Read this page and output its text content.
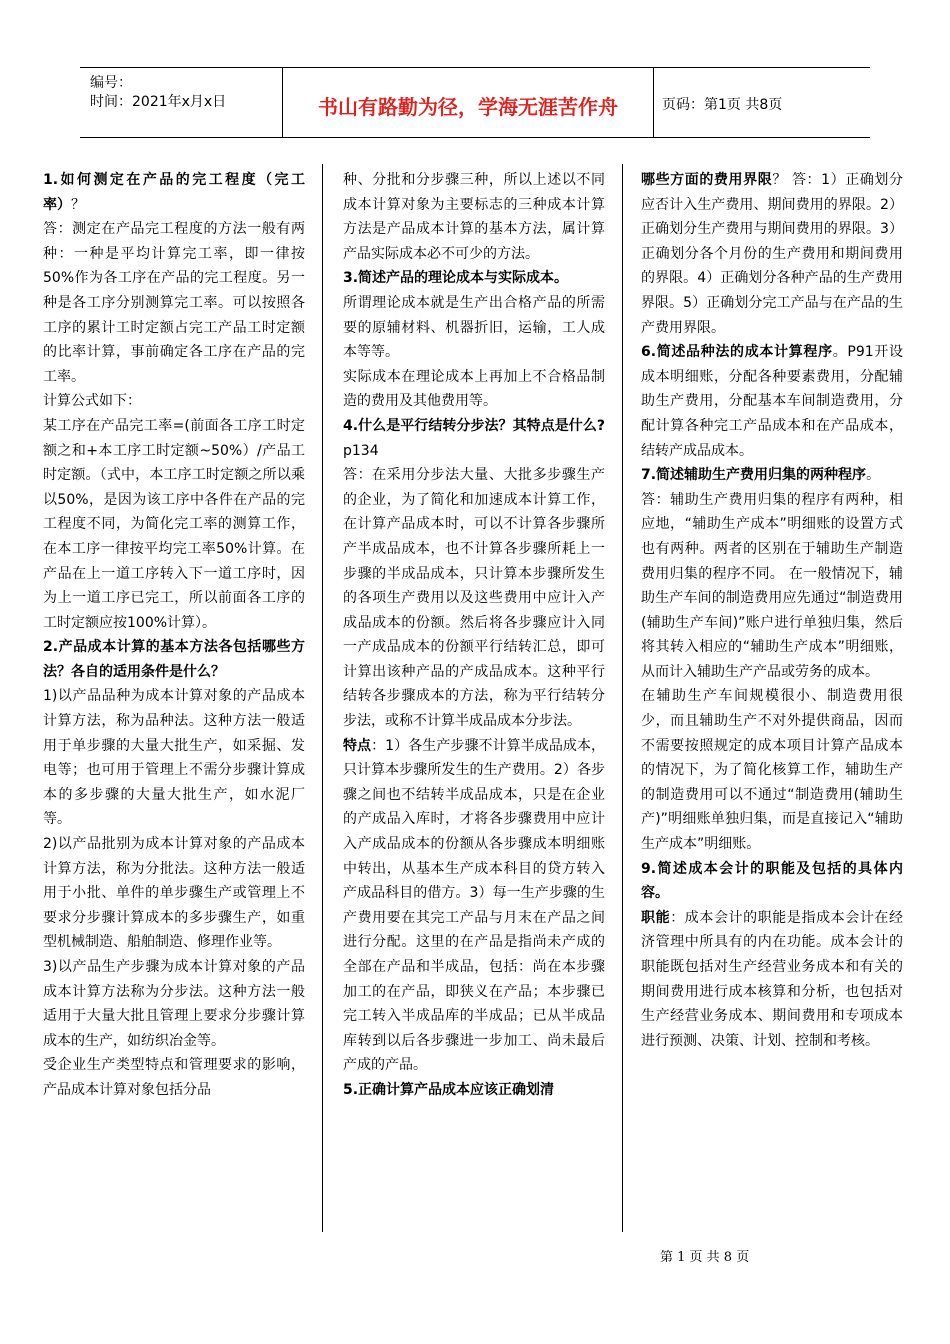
编号：
时间：2021年x月x日	书山有路勤为径，学海无涯苦作舟	页码：第1页 共8页

1.如何测定在产品的完工程度（完工率）？

答：测定在产品完工程度的方法一般有两种：一种是平均计算完工率，即一律按50%作为各工序在产品的完工程度。另一种是各工序分别测算完工率。可以按照各工序的累计工时定额占完工产品工时定额的比率计算，事前确定各工序在产品的完工率。

计算公式如下：

某工序在产品完工率=(前面各工序工时定额之和+本工序工时定额~50%）/产品工时定额。（式中，本工序工时定额之所以乘以50%，是因为该工序中各件在产品的完工程度不同，为简化完工率的测算工作，在本工序一律按平均完工率50%计算。在产品在上一道工序转入下一道工序时，因为上一道工序已完工，所以前面各工序的工时定额应按100%计算）。

2.产品成本计算的基本方法各包括哪些方法？各自的适用条件是什么？

1)以产品品种为成本计算对象的产品成本计算方法，称为品种法。这种方法一般适用于单步骤的大量大批生产，如采掘、发电等；也可用于管理上不需分步骤计算成本的多步骤的大量大批生产，如水泥厂等。

2)以产品批别为成本计算对象的产品成本计算方法，称为分批法。这种方法一般适用于小批、单件的单步骤生产或管理上不要求分步骤计算成本的多步骤生产，如重型机械制造、船舶制造、修理作业等。

3)以产品生产步骤为成本计算对象的产品成本计算方法称为分步法。这种方法一般适用于大量大批且管理上要求分步骤计算成本的生产，如纺织冶金等。

受企业生产类型特点和管理要求的影响，产品成本计算对象包括分品

种、分批和分步骤三种，所以上述以不同成本计算对象为主要标志的三种成本计算方法是产品成本计算的基本方法，属计算产品实际成本必不可少的方法。

3.简述产品的理论成本与实际成本。

所谓理论成本就是生产出合格产品的所需要的原辅材料、机器折旧，运输，工人成本等等。

实际成本在理论成本上再加上不合格品制造的费用及其他费用等。

4.什么是平行结转分步法？其特点是什么?p134

答：在采用分步法大量、大批多步骤生产的企业，为了简化和加速成本计算工作，在计算产品成本时，可以不计算各步骤所产半成品成本，也不计算各步骤所耗上一步骤的半成品成本，只计算本步骤所发生的各项生产费用以及这些费用中应计入产成品成本的份额。然后将各步骤应计入同一产成品成本的份额平行结转汇总，即可计算出该种产品的产成品成本。这种平行结转各步骤成本的方法，称为平行结转分步法，或称不计算半成品成本分步法。

特点：1）各生产步骤不计算半成品成本，只计算本步骤所发生的生产费用。2）各步骤之间也不结转半成品成本，只是在企业的产成品入库时，才将各步骤费用中应计入产成品成本的份额从各步骤成本明细账中转出，从基本生产成本科目的贷方转入产成品科目的借方。3）每一生产步骤的生产费用要在其完工产品与月末在产品之间进行分配。这里的在产品是指尚未产成的全部在产品和半成品，包括：尚在本步骤加工的在产品，即狭义在产品；本步骤已完工转入半成品库的半成品；已从半成品库转到以后各步骤进一步加工、尚未最后产成的产品。

5.正确计算产品成本应该正确划清

哪些方面的费用界限？ 答：1）正确划分应否计入生产费用、期间费用的界限。2）正确划分生产费用与期间费用的界限。3）正确划分各个月份的生产费用和期间费用的界限。4）正确划分各种产品的生产费用界限。5）正确划分完工产品与在产品的生产费用界限。

6.简述品种法的成本计算程序。P91开设成本明细账，分配各种要素费用，分配辅助生产费用，分配基本车间制造费用，分配计算各种完工产品成本和在产品成本，结转产成品成本。

7.简述辅助生产费用归集的两种程序。

答：辅助生产费用归集的程序有两种，相应地，“辅助生产成本”明细账的设置方式也有两种。两者的区别在于辅助生产制造费用归集的程序不同。 在一般情况下，辅助生产车间的制造费用应先通过“制造费用(辅助生产车间)”账户进行单独归集，然后将其转入相应的“辅助生产成本”明细账，从而计入辅助生产产品或劳务的成本。

在辅助生产车间规模很小、制造费用很少，而且辅助生产不对外提供商品，因而不需要按照规定的成本项目计算产品成本的情况下，为了简化核算工作，辅助生产的制造费用可以不通过“制造费用(辅助生产)”明细账单独归集，而是直接记入“辅助生产成本”明细账。

9.简述成本会计的职能及包括的具体内容。

职能：成本会计的职能是指成本会计在经济管理中所具有的内在功能。成本会计的职能既包括对生产经营业务成本和有关的期间费用进行成本核算和分析，也包括对生产经营业务成本、期间费用和专项成本进行预测、决策、计划、控制和考核。

第 1 页 共 8 页
